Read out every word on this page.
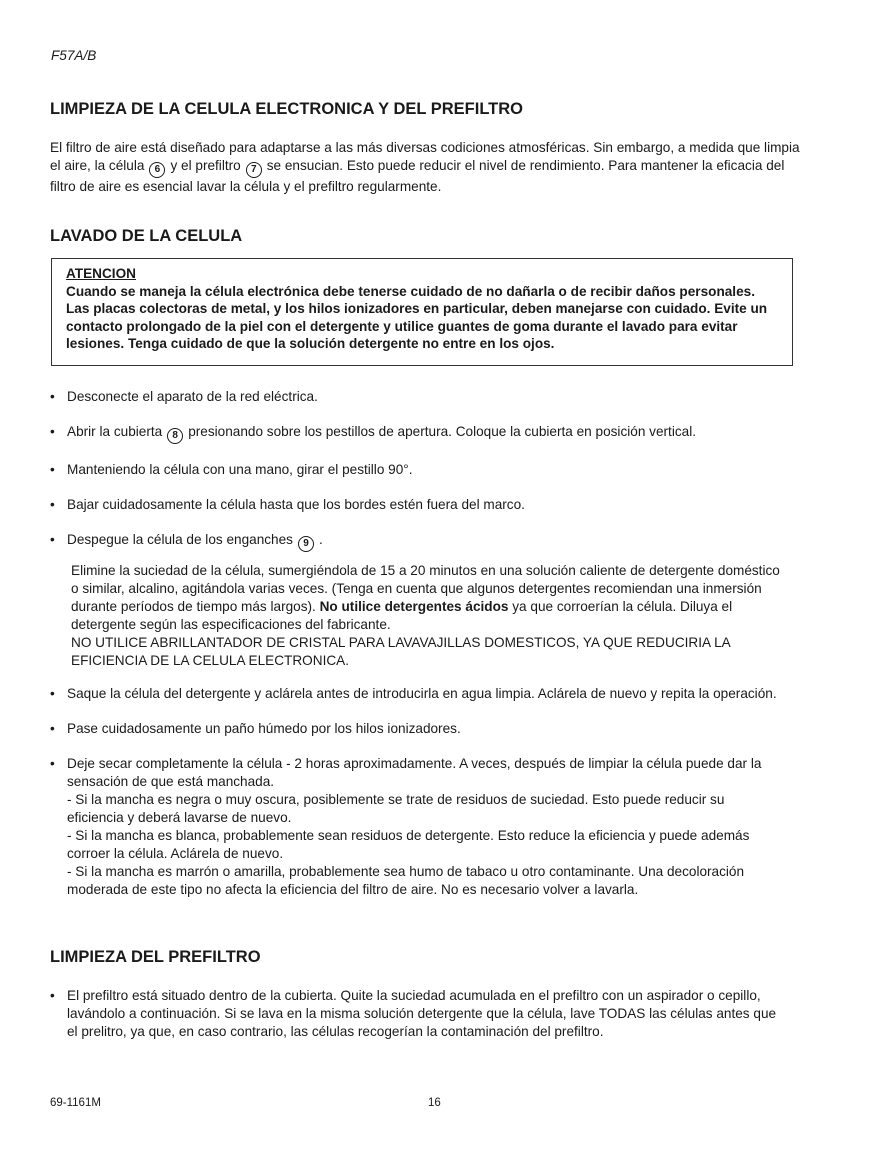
F57A/B
LIMPIEZA DE LA CELULA ELECTRONICA Y DEL PREFILTRO

El filtro de aire está diseñado para adaptarse a las más diversas codiciones atmosféricas. Sin embargo, a medida que limpia el aire, la célula 6 y el prefiltro 7 se ensucian. Esto puede reducir el nivel de rendimiento. Para mantener la eficacia del filtro de aire es esencial lavar la célula y el prefiltro regularmente.

LAVADO DE LA CELULA
ATENCION
Cuando se maneja la célula electrónica debe tenerse cuidado de no dañarla o de recibir daños personales. Las placas colectoras de metal, y los hilos ionizadores en particular, deben manejarse con cuidado. Evite un contacto prolongado de la piel con el detergente y utilice guantes de goma durante el lavado para evitar lesiones. Tenga cuidado de que la solución detergente no entre en los ojos.
• Desconecte el aparato de la red eléctrica.
• Abrir la cubierta 8 presionando sobre los pestillos de apertura. Coloque la cubierta en posición vertical.
• Manteniendo la célula con una mano, girar el pestillo 90°.
• Bajar cuidadosamente la célula hasta que los bordes estén fuera del marco.
• Despegue la célula de los enganches 9 .
Elimine la suciedad de la célula, sumergiéndola de 15 a 20 minutos en una solución caliente de detergente doméstico o similar, alcalino, agitándola varias veces. (Tenga en cuenta que algunos detergentes recomiendan una inmersión durante períodos de tiempo más largos). No utilice detergentes ácidos ya que corroerían la célula. Diluya el detergente según las especificaciones del fabricante.
NO UTILICE ABRILLANTADOR DE CRISTAL PARA LAVAVAJILLAS DOMESTICOS, YA QUE REDUCIRIA LA EFICIENCIA DE LA CELULA ELECTRONICA.
• Saque la célula del detergente y aclárela antes de introducirla en agua limpia. Aclárela de nuevo y repita la operación.
• Pase cuidadosamente un paño húmedo por los hilos ionizadores.
• Deje secar completamente la célula - 2 horas aproximadamente. A veces, después de limpiar la célula puede dar la sensación de que está manchada.
- Si la mancha es negra o muy oscura, posiblemente se trate de residuos de suciedad. Esto puede reducir su eficiencia y deberá lavarse de nuevo.
- Si la mancha es blanca, probablemente sean residuos de detergente. Esto reduce la eficiencia y puede además corroer la célula. Aclárela de nuevo.
- Si la mancha es marrón o amarilla, probablemente sea humo de tabaco u otro contaminante. Una decoloración moderada de este tipo no afecta la eficiencia del filtro de aire. No es necesario volver a lavarla.
LIMPIEZA DEL PREFILTRO
• El prefiltro está situado dentro de la cubierta. Quite la suciedad acumulada en el prefiltro con un aspirador o cepillo, lavándolo a continuación. Si se lava en la misma solución detergente que la célula, lave TODAS las células antes que el prelitro, ya que, en caso contrario, las células recogerían la contaminación del prefiltro.
69-1161M	16
